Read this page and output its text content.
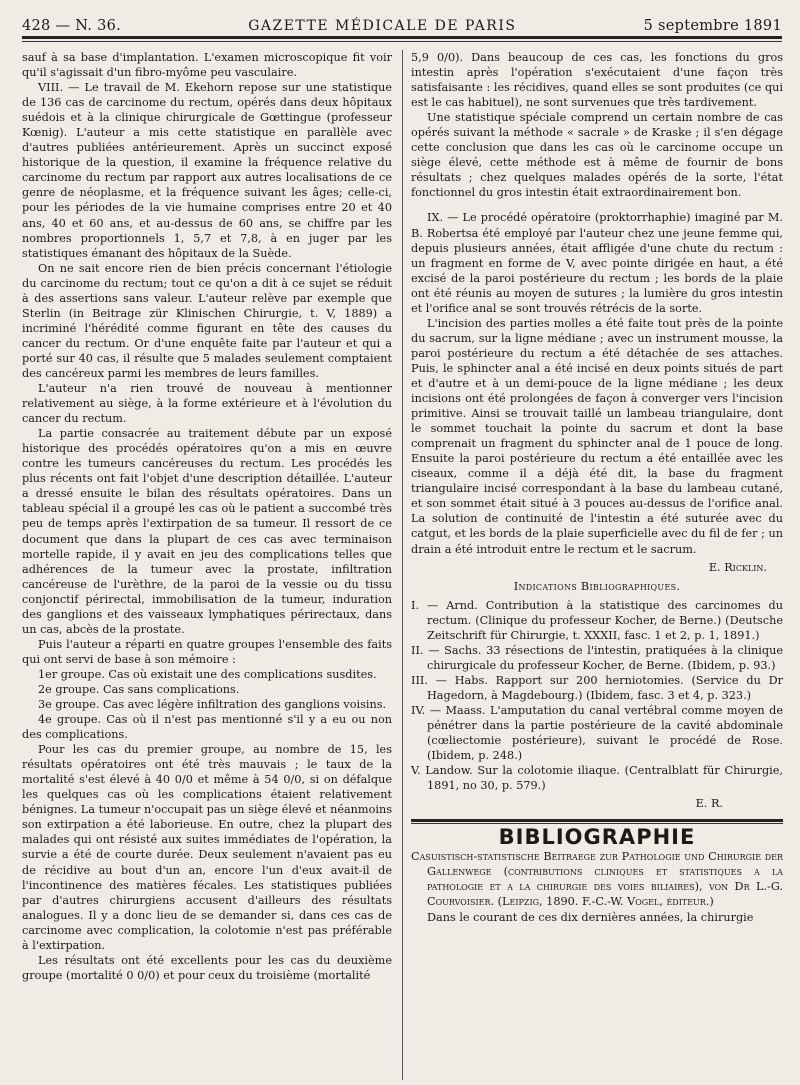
428 — N. 36.	GAZETTE MÉDICALE DE PARIS	5 septembre 1891

sauf à sa base d'implantation. L'examen microscopique fit voir qu'il s'agissait d'un fibro-myôme peu vasculaire.

VIII. — Le travail de M. Ekehorn repose sur une statistique de 136 cas de carcinome du rectum, opérés dans deux hôpitaux suédois et à la clinique chirurgicale de Gœttingue (professeur Kœnig). L'auteur a mis cette statistique en parallèle avec d'autres publiées antérieurement. Après un succinct exposé historique de la question, il examine la fréquence relative du carcinome du rectum par rapport aux autres localisations de ce genre de néoplasme, et la fréquence suivant les âges; celle-ci, pour les périodes de la vie humaine comprises entre 20 et 40 ans, 40 et 60 ans, et au-dessus de 60 ans, se chiffre par les nombres proportionnels 1, 5,7 et 7,8, à en juger par les statistiques émanant des hôpitaux de la Suède.

On ne sait encore rien de bien précis concernant l'étiologie du carcinome du rectum; tout ce qu'on a dit à ce sujet se réduit à des assertions sans valeur. L'auteur relève par exemple que Sterlin (in Beitrage zür Klinischen Chirurgie, t. V, 1889) a incriminé l'hérédité comme figurant en tête des causes du cancer du rectum. Or d'une enquête faite par l'auteur et qui a porté sur 40 cas, il résulte que 5 malades seulement comptaient des cancéreux parmi les membres de leurs familles.

L'auteur n'a rien trouvé de nouveau à mentionner relativement au siège, à la forme extérieure et à l'évolution du cancer du rectum.

La partie consacrée au traitement débute par un exposé historique des procédés opératoires qu'on a mis en œuvre contre les tumeurs cancéreuses du rectum. Les procédés les plus récents ont fait l'objet d'une description détaillée. L'auteur a dressé ensuite le bilan des résultats opératoires. Dans un tableau spécial il a groupé les cas où le patient a succombé très peu de temps après l'extirpation de sa tumeur. Il ressort de ce document que dans la plupart de ces cas avec terminaison mortelle rapide, il y avait en jeu des complications telles que adhérences de la tumeur avec la prostate, infiltration cancéreuse de l'urèthre, de la paroi de la vessie ou du tissu conjonctif périrectal, immobilisation de la tumeur, induration des ganglions et des vaisseaux lymphatiques périrectaux, dans un cas, abcès de la prostate.

Puis l'auteur a réparti en quatre groupes l'ensemble des faits qui ont servi de base à son mémoire :

1er groupe. Cas où existait une des complications susdites.

2e groupe. Cas sans complications.

3e groupe. Cas avec légère infiltration des ganglions voisins.

4e groupe. Cas où il n'est pas mentionné s'il y a eu ou non des complications.

Pour les cas du premier groupe, au nombre de 15, les résultats opératoires ont été très mauvais ; le taux de la mortalité s'est élevé à 40 0/0 et même à 54 0/0, si on défalque les quelques cas où les complications étaient relativement bénignes. La tumeur n'occupait pas un siège élevé et néanmoins son extirpation a été laborieuse. En outre, chez la plupart des malades qui ont résisté aux suites immédiates de l'opération, la survie a été de courte durée. Deux seulement n'avaient pas eu de récidive au bout d'un an, encore l'un d'eux avait-il de l'incontinence des matières fécales. Les statistiques publiées par d'autres chirurgiens accusent d'ailleurs des résultats analogues. Il y a donc lieu de se demander si, dans ces cas de carcinome avec complication, la colotomie n'est pas préférable à l'extirpation.

Les résultats ont été excellents pour les cas du deuxième groupe (mortalité 0 0/0) et pour ceux du troisième (mortalité

5,9 0/0). Dans beaucoup de ces cas, les fonctions du gros intestin après l'opération s'exécutaient d'une façon très satisfaisante : les récidives, quand elles se sont produites (ce qui est le cas habituel), ne sont survenues que très tardivement.

Une statistique spéciale comprend un certain nombre de cas opérés suivant la méthode « sacrale » de Kraske ; il s'en dégage cette conclusion que dans les cas où le carcinome occupe un siège élevé, cette méthode est à même de fournir de bons résultats ; chez quelques malades opérés de la sorte, l'état fonctionnel du gros intestin était extraordinairement bon.

IX. — Le procédé opératoire (proktorrhaphie) imaginé par M. B. Robertsa été employé par l'auteur chez une jeune femme qui, depuis plusieurs années, était affligée d'une chute du rectum : un fragment en forme de V, avec pointe dirigée en haut, a été excisé de la paroi postérieure du rectum ; les bords de la plaie ont été réunis au moyen de sutures ; la lumière du gros intestin et l'orifice anal se sont trouvés rétrécis de la sorte.

L'incision des parties molles a été faite tout près de la pointe du sacrum, sur la ligne médiane ; avec un instrument mousse, la paroi postérieure du rectum a été détachée de ses attaches. Puis, le sphincter anal a été incisé en deux points situés de part et d'autre et à un demi-pouce de la ligne médiane ; les deux incisions ont été prolongées de façon à converger vers l'incision primitive. Ainsi se trouvait taillé un lambeau triangulaire, dont le sommet touchait la pointe du sacrum et dont la base comprenait un fragment du sphincter anal de 1 pouce de long. Ensuite la paroi postérieure du rectum a été entaillée avec les ciseaux, comme il a déjà été dit, la base du fragment triangulaire incisé correspondant à la base du lambeau cutané, et son sommet était situé à 3 pouces au-dessus de l'orifice anal. La solution de continuité de l'intestin a été suturée avec du catgut, et les bords de la plaie superficielle avec du fil de fer ; un drain a été introduit entre le rectum et le sacrum.

E. Ricklin.

Indications Bibliographiques.

I. — Arnd. Contribution à la statistique des carcinomes du rectum. (Clinique du professeur Kocher, de Berne.) (Deutsche Zeitschrift für Chirurgie, t. XXXII, fasc. 1 et 2, p. 1, 1891.)

II. — Sachs. 33 résections de l'intestin, pratiquées à la clinique chirurgicale du professeur Kocher, de Berne. (Ibidem, p. 93.)

III. — Habs. Rapport sur 200 herniotomies. (Service du Dr Hagedorn, à Magdebourg.) (Ibidem, fasc. 3 et 4, p. 323.)

IV. — Maass. L'amputation du canal vertébral comme moyen de pénétrer dans la partie postérieure de la cavité abdominale (cœliectomie postérieure), suivant le procédé de Rose. (Ibidem, p. 248.)

V. Landow. Sur la colotomie iliaque. (Centralblatt für Chirurgie, 1891, no 30, p. 579.)

E. R.

BIBLIOGRAPHIE

Casuistisch-statistische Beitraege zur Pathologie und Chirurgie der Gallenwege (contributions cliniques et statistiques a la pathologie et a la chirurgie des voies biliaires), von Dr L.-G. Courvoisier. (Leipzig, 1890. F.-C.-W. Vogel, éditeur.)

Dans le courant de ces dix dernières années, la chirurgie
